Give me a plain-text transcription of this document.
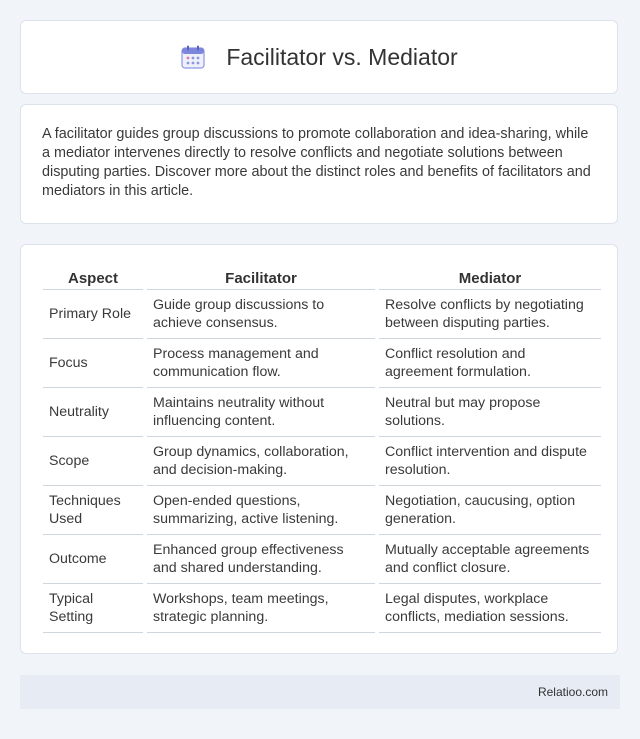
Facilitator vs. Mediator

A facilitator guides group discussions to promote collaboration and idea-sharing, while a mediator intervenes directly to resolve conflicts and negotiate solutions between disputing parties. Discover more about the distinct roles and benefits of facilitators and mediators in this article.

Aspect	Facilitator	Mediator
Primary Role	Guide group discussions to achieve consensus.	Resolve conflicts by negotiating between disputing parties.
Focus	Process management and communication flow.	Conflict resolution and agreement formulation.
Neutrality	Maintains neutrality without influencing content.	Neutral but may propose solutions.
Scope	Group dynamics, collaboration, and decision-making.	Conflict intervention and dispute resolution.
Techniques Used	Open-ended questions, summarizing, active listening.	Negotiation, caucusing, option generation.
Outcome	Enhanced group effectiveness and shared understanding.	Mutually acceptable agreements and conflict closure.
Typical Setting	Workshops, team meetings, strategic planning.	Legal disputes, workplace conflicts, mediation sessions.
Relatioo.com
